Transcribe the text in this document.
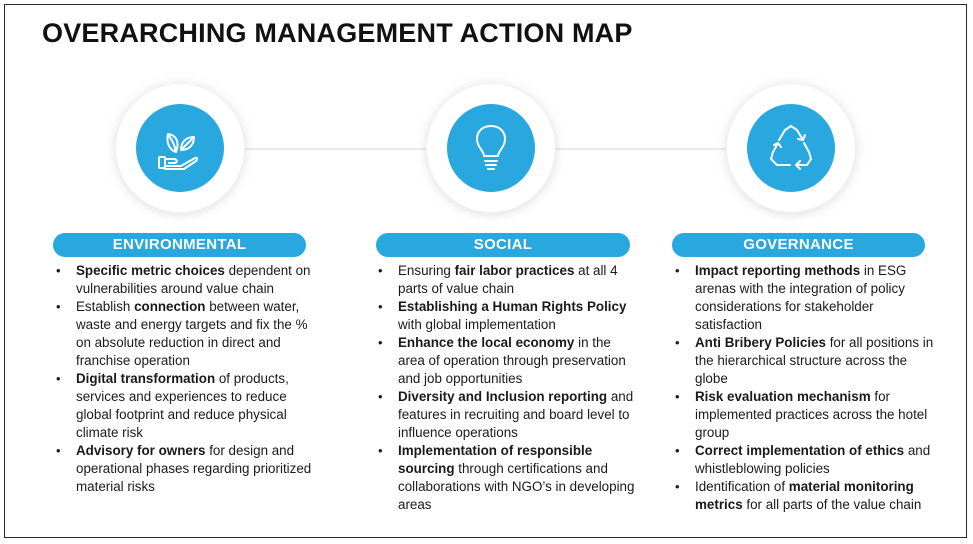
OVERARCHING MANAGEMENT ACTION MAP
ENVIRONMENTAL
• Specific metric choices dependent on vulnerabilities around value chain
• Establish connection between water, waste and energy targets and fix the % on absolute reduction in direct and franchise operation
• Digital transformation of products, services and experiences to reduce global footprint and reduce physical climate risk
• Advisory for owners for design and operational phases regarding prioritized material risks
SOCIAL
• Ensuring fair labor practices at all 4 parts of value chain
• Establishing a Human Rights Policy with global implementation
• Enhance the local economy in the area of operation through preservation and job opportunities
• Diversity and Inclusion reporting and features in recruiting and board level to influence operations
• Implementation of responsible sourcing through certifications and collaborations with NGO’s in developing areas
GOVERNANCE
• Impact reporting methods in ESG arenas with the integration of policy considerations for stakeholder satisfaction
• Anti Bribery Policies for all positions in the hierarchical structure across the globe
• Risk evaluation mechanism for implemented practices across the hotel group
• Correct implementation of ethics and whistleblowing policies
• Identification of material monitoring metrics for all parts of the value chain
